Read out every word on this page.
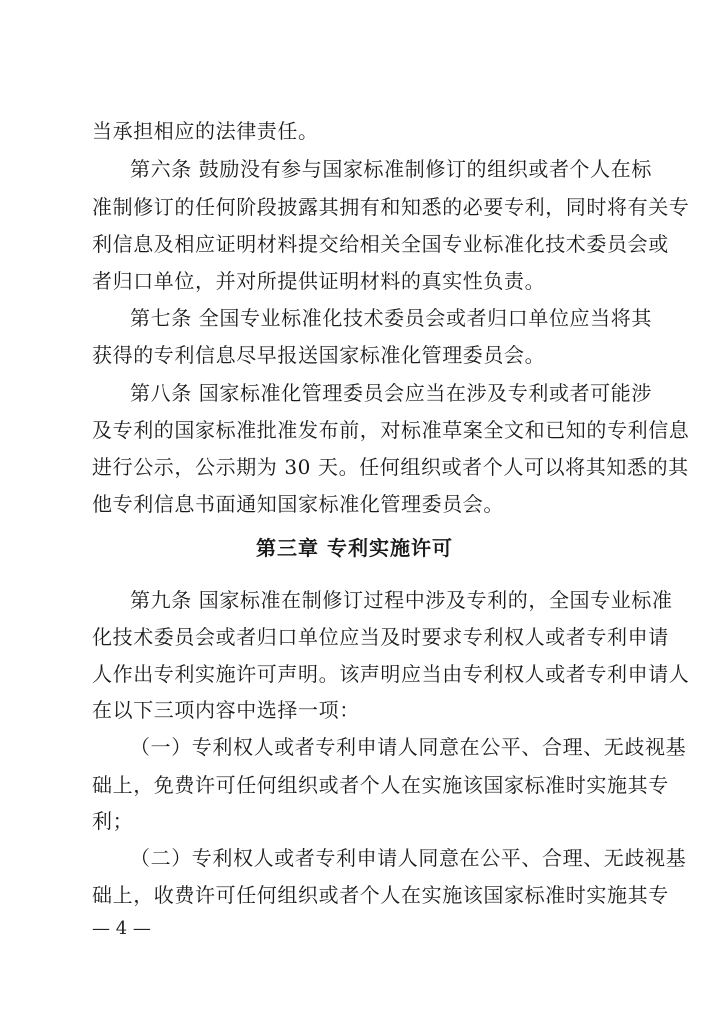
当承担相应的法律责任。
第六条 鼓励没有参与国家标准制修订的组织或者个人在标
准制修订的任何阶段披露其拥有和知悉的必要专利，同时将有关专
利信息及相应证明材料提交给相关全国专业标准化技术委员会或
者归口单位，并对所提供证明材料的真实性负责。
第七条 全国专业标准化技术委员会或者归口单位应当将其
获得的专利信息尽早报送国家标准化管理委员会。
第八条 国家标准化管理委员会应当在涉及专利或者可能涉
及专利的国家标准批准发布前，对标准草案全文和已知的专利信息
进行公示，公示期为 30 天。任何组织或者个人可以将其知悉的其
他专利信息书面通知国家标准化管理委员会。
第三章 专利实施许可
第九条 国家标准在制修订过程中涉及专利的，全国专业标准
化技术委员会或者归口单位应当及时要求专利权人或者专利申请
人作出专利实施许可声明。该声明应当由专利权人或者专利申请人
在以下三项内容中选择一项：
（一）专利权人或者专利申请人同意在公平、合理、无歧视基
础上，免费许可任何组织或者个人在实施该国家标准时实施其专
利；
（二）专利权人或者专利申请人同意在公平、合理、无歧视基
础上，收费许可任何组织或者个人在实施该国家标准时实施其专
— 4 —
